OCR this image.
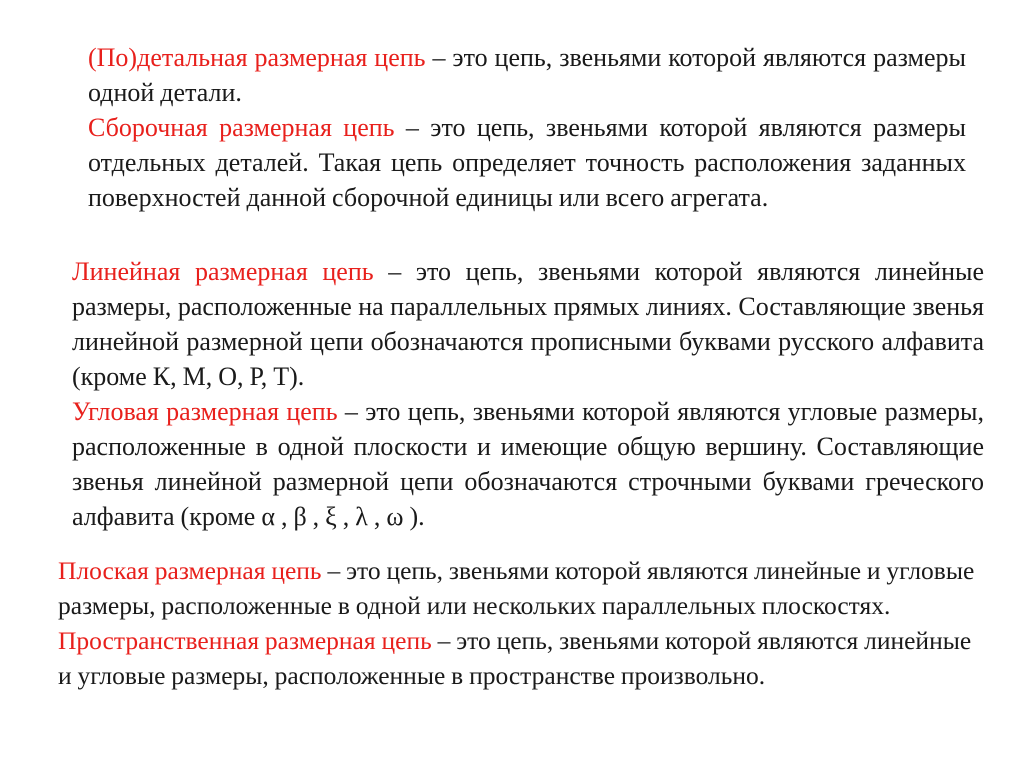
(По)детальная размерная цепь – это цепь, звеньями которой являются размеры одной детали.

Сборочная размерная цепь – это цепь, звеньями которой являются размеры отдельных деталей. Такая цепь определяет точность расположения заданных поверхностей данной сборочной единицы или всего агрегата.

Линейная размерная цепь – это цепь, звеньями которой являются линейные размеры, расположенные на параллельных прямых линиях. Составляющие звенья линейной размерной цепи обозначаются прописными буквами русского алфавита (кроме К, М, О, Р, Т).

Угловая размерная цепь – это цепь, звеньями которой являются угловые размеры, расположенные в одной плоскости и имеющие общую вершину. Составляющие звенья линейной размерной цепи обозначаются строчными буквами греческого алфавита (кроме α , β , ξ , λ , ω ).

Плоская размерная цепь – это цепь, звеньями которой являются линейные и угловые размеры, расположенные в одной или нескольких параллельных плоскостях.

Пространственная размерная цепь – это цепь, звеньями которой являются линейные и угловые размеры, расположенные в пространстве произвольно.
